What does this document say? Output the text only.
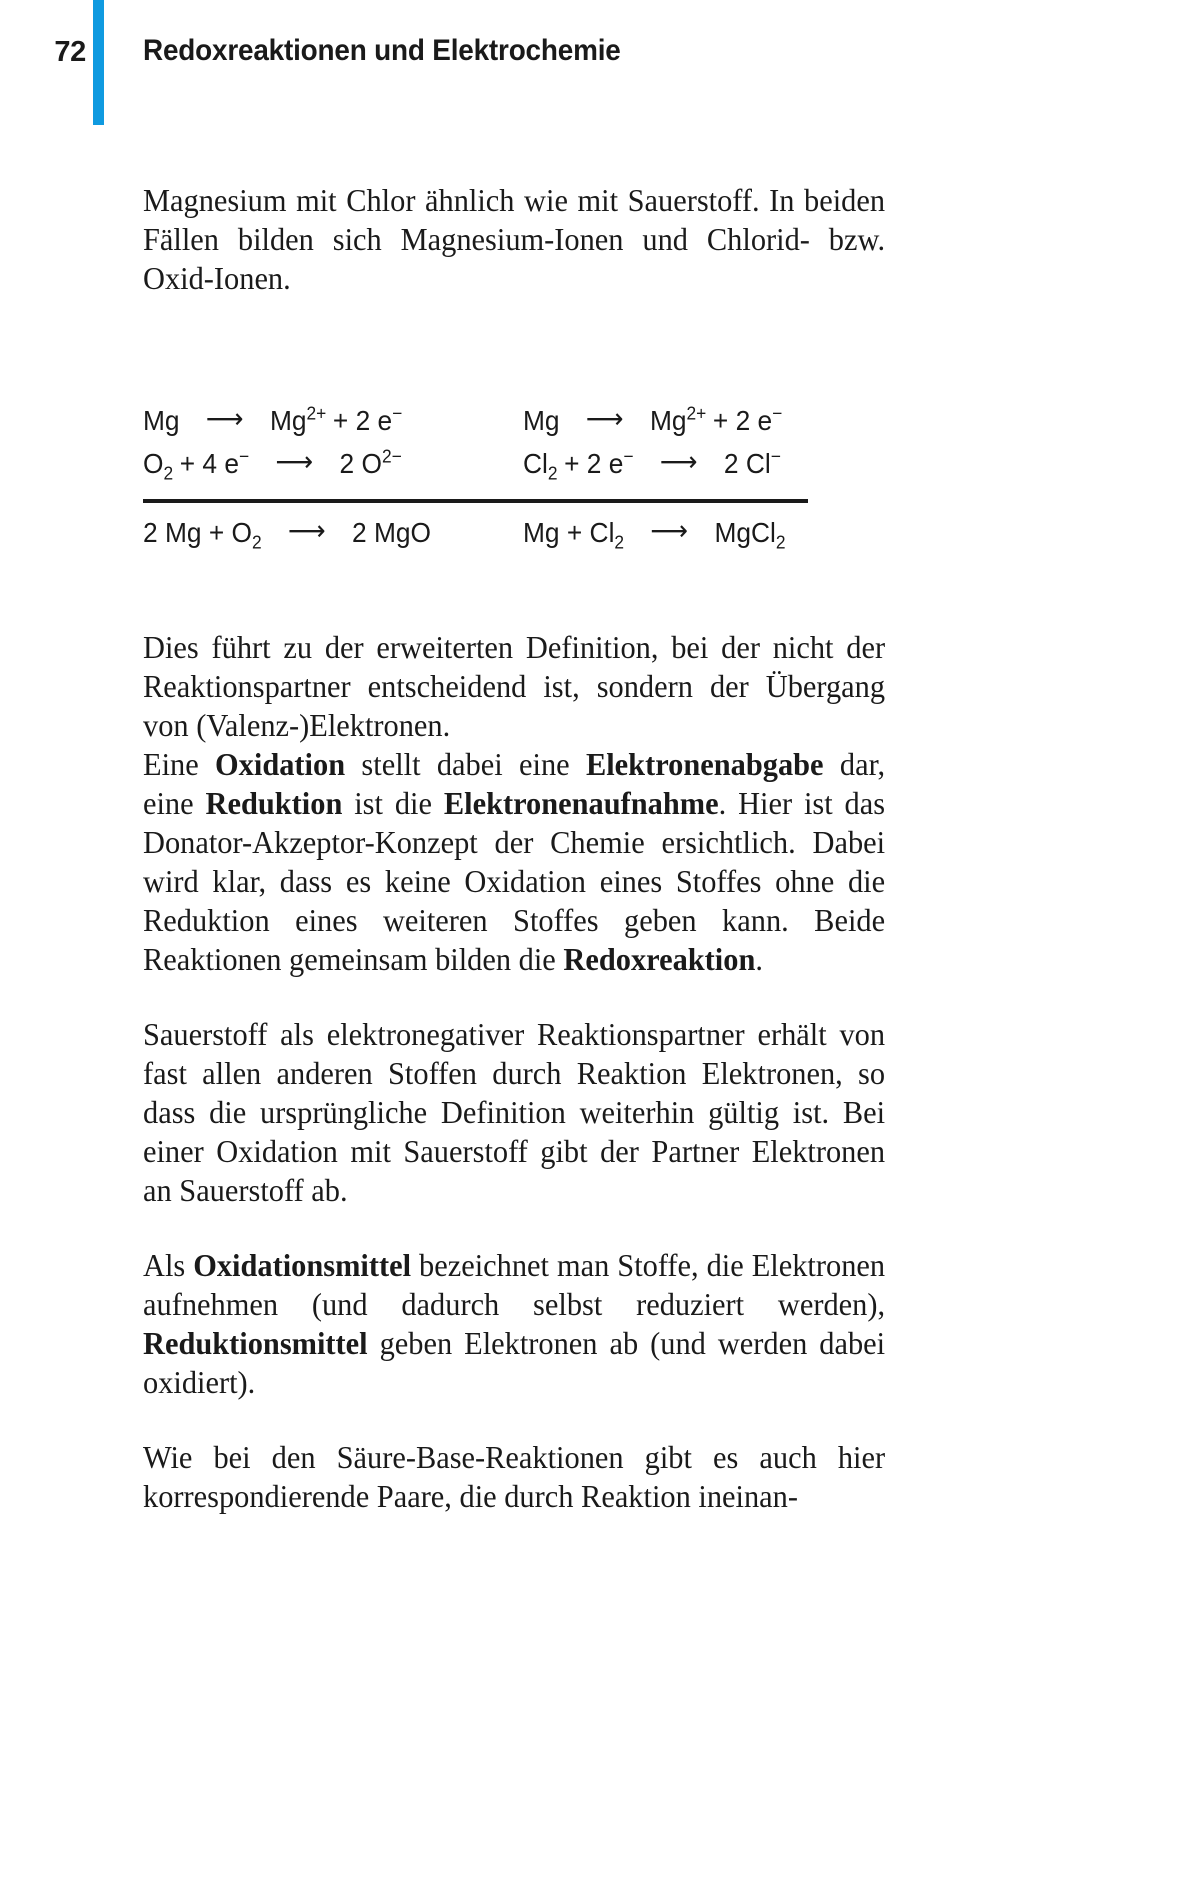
72 Redoxreaktionen und Elektrochemie

Magnesium mit Chlor ähnlich wie mit Sauerstoff. In beiden Fällen bilden sich Magnesium-Ionen und Chlorid- bzw. Oxid-Ionen.

Mg ⟶ $Mg^{2+} + 2$ e−	Mg ⟶ $Mg^{2+} + 2$ e−
$O_2 + 4$ e− ⟶ 2 $O^{2-}$	$Cl_2 + 2$ e− ⟶ 2 Cl−
2 $Mg + O_2$ ⟶ 2 MgO	$Mg + Cl_2$ ⟶ MgCl$_2$

Dies führt zu der erweiterten Definition, bei der nicht der Reaktionspartner entscheidend ist, sondern der Übergang von (Valenz-)Elektronen.

Eine Oxidation stellt dabei eine Elektronenabgabe dar, eine Reduktion ist die Elektronenaufnahme. Hier ist das Donator-Akzeptor-Konzept der Chemie ersichtlich. Dabei wird klar, dass es keine Oxidation eines Stoffes ohne die Reduktion eines weiteren Stoffes geben kann. Beide Reaktionen gemeinsam bilden die Redoxreaktion.

Sauerstoff als elektronegativer Reaktionspartner erhält von fast allen anderen Stoffen durch Reaktion Elektronen, so dass die ursprüngliche Definition weiterhin gültig ist. Bei einer Oxidation mit Sauerstoff gibt der Partner Elektronen an Sauerstoff ab.

Als Oxidationsmittel bezeichnet man Stoffe, die Elektronen aufnehmen (und dadurch selbst reduziert werden), Reduktionsmittel geben Elektronen ab (und werden dabei oxidiert).

Wie bei den Säure-Base-Reaktionen gibt es auch hier korrespondierende Paare, die durch Reaktion ineinan-
